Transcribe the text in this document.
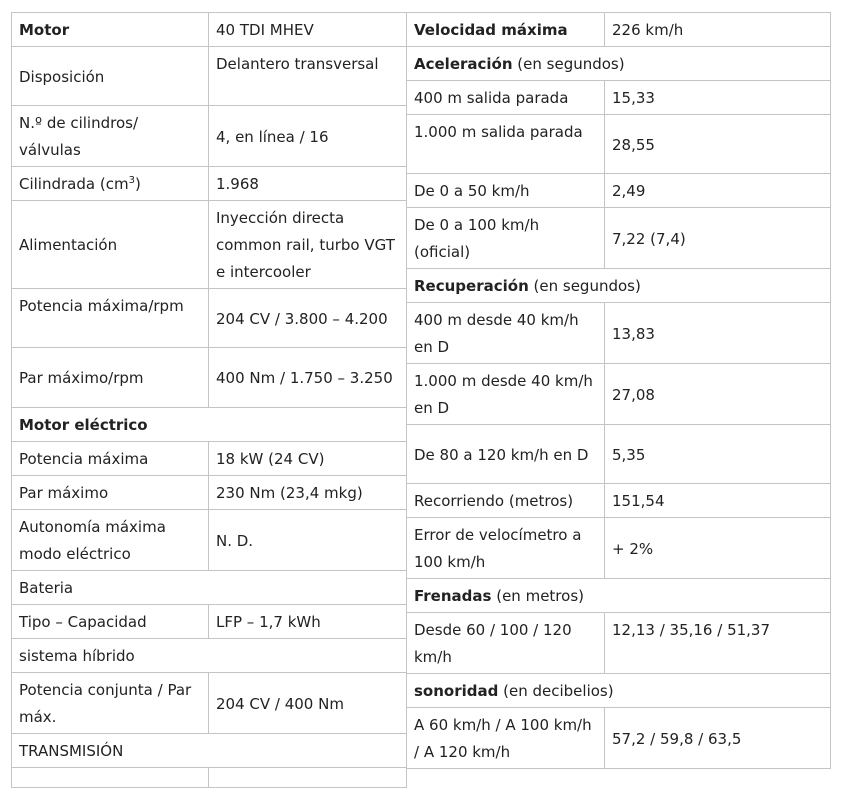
Motor	40 TDI MHEV
Disposición	Delantero transversal
N.º de cilindros/ válvulas	4, en línea / 16
Cilindrada $(cm^3)$	1.968
Alimentación	Inyección directa common rail, turbo VGT e intercooler
Potencia máxima/rpm	204 CV / 3.800 – 4.200
Par máximo/rpm	400 Nm / 1.750 – 3.250
Motor eléctrico	
Potencia máxima	18 kW (24 CV)
Par máximo	230 Nm (23,4 mkg)
Autonomía máxima modo eléctrico	N. D.
Bateria	
Tipo – Capacidad	LFP – 1,7 kWh
sistema híbrido	
Potencia conjunta / Par máx.	204 CV / 400 Nm
TRANSMISIÓN	

Velocidad máxima	226 km/h
Aceleración (en segundos)	
400 m salida parada	15,33
1.000 m salida parada	28,55
De 0 a 50 km/h	2,49
De 0 a 100 km/h (oficial)	7,22 (7,4)
Recuperación (en segundos)	
400 m desde 40 km/h en D	13,83
1.000 m desde 40 km/h en D	27,08
De 80 a 120 km/h en D	5,35
Recorriendo (metros)	151,54
Error de velocímetro a 100 km/h	+ 2%
Frenadas (en metros)	
Desde 60 / 100 / 120 km/h	12,13 / 35,16 / 51,37
sonoridad (en decibelios)	
A 60 km/h / A 100 km/h / A 120 km/h	57,2 / 59,8 / 63,5
